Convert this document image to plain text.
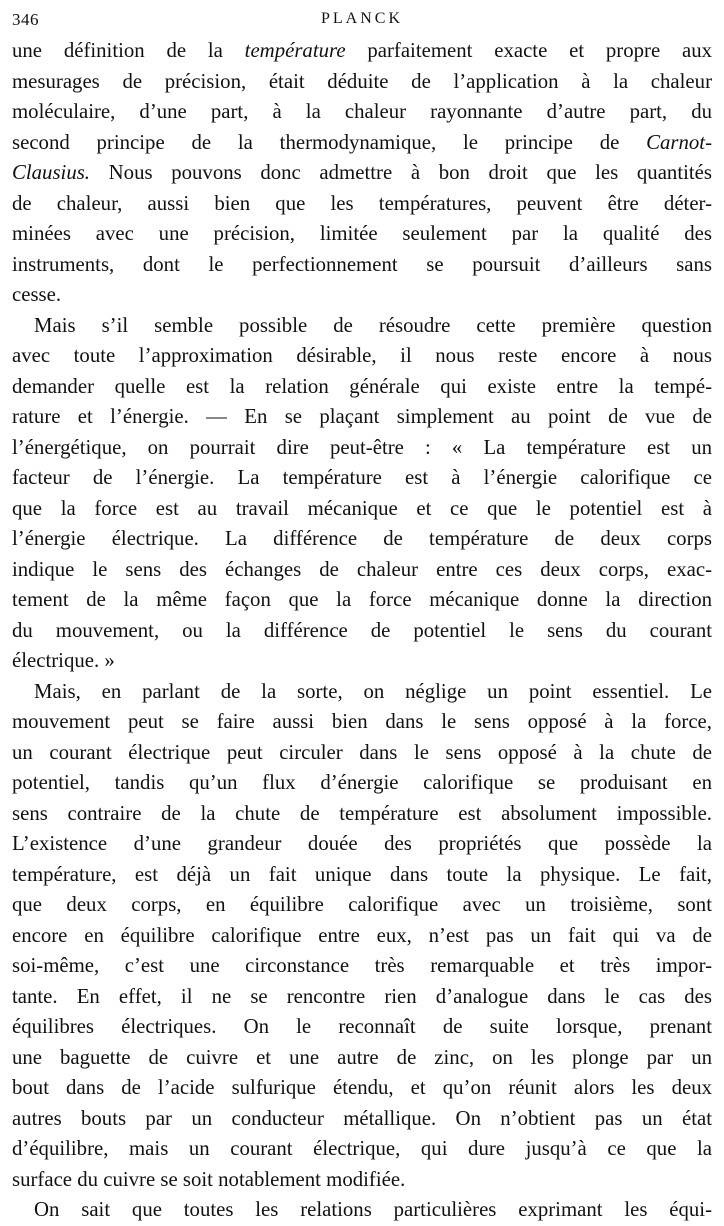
346	PLANCK
une définition de la température parfaitement exacte et propre aux
mesurages de précision, était déduite de l’application à la chaleur
moléculaire, d’une part, à la chaleur rayonnante d’autre part, du
second principe de la thermodynamique, le principe de Carnot-
Clausius. Nous pouvons donc admettre à bon droit que les quantités
de chaleur, aussi bien que les températures, peuvent être déter-
minées avec une précision, limitée seulement par la qualité des
instruments, dont le perfectionnement se poursuit d’ailleurs sans
cesse.
Mais s’il semble possible de résoudre cette première question
avec toute l’approximation désirable, il nous reste encore à nous
demander quelle est la relation générale qui existe entre la tempé-
rature et l’énergie. — En se plaçant simplement au point de vue de
l’énergétique, on pourrait dire peut-être : « La température est un
facteur de l’énergie. La température est à l’énergie calorifique ce
que la force est au travail mécanique et ce que le potentiel est à
l’énergie électrique. La différence de température de deux corps
indique le sens des échanges de chaleur entre ces deux corps, exac-
tement de la même façon que la force mécanique donne la direction
du mouvement, ou la différence de potentiel le sens du courant
électrique. »
Mais, en parlant de la sorte, on néglige un point essentiel. Le
mouvement peut se faire aussi bien dans le sens opposé à la force,
un courant électrique peut circuler dans le sens opposé à la chute de
potentiel, tandis qu’un flux d’énergie calorifique se produisant en
sens contraire de la chute de température est absolument impossible.
L’existence d’une grandeur douée des propriétés que possède la
température, est déjà un fait unique dans toute la physique. Le fait,
que deux corps, en équilibre calorifique avec un troisième, sont
encore en équilibre calorifique entre eux, n’est pas un fait qui va de
soi-même, c’est une circonstance très remarquable et très impor-
tante. En effet, il ne se rencontre rien d’analogue dans le cas des
équilibres électriques. On le reconnaît de suite lorsque, prenant
une baguette de cuivre et une autre de zinc, on les plonge par un
bout dans de l’acide sulfurique étendu, et qu’on réunit alors les deux
autres bouts par un conducteur métallique. On n’obtient pas un état
d’équilibre, mais un courant électrique, qui dure jusqu’à ce que la
surface du cuivre se soit notablement modifiée.
On sait que toutes les relations particulières exprimant les équi-
